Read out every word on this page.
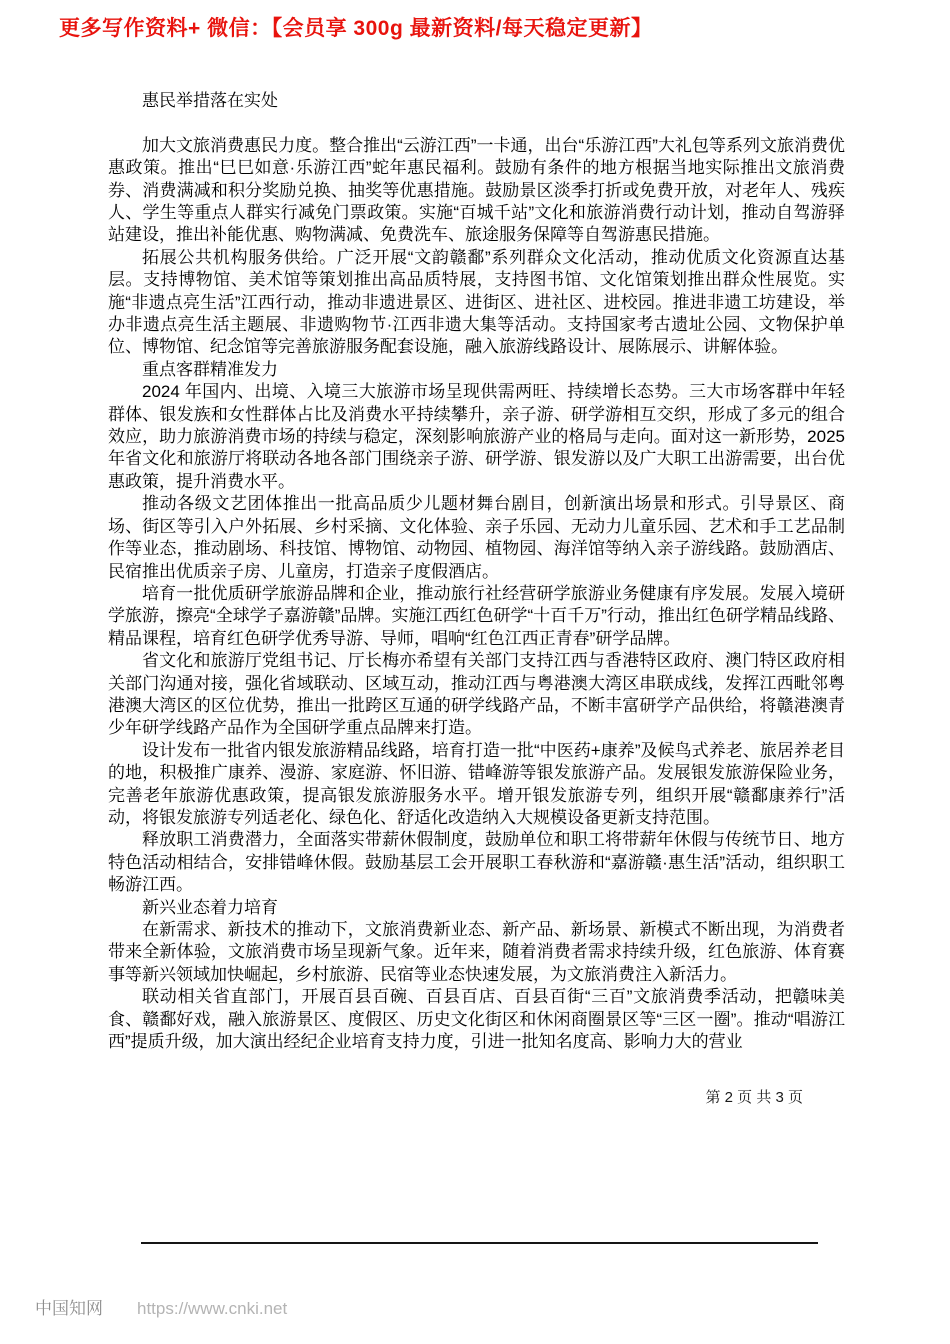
更多写作资料+ 微信：【会员享 300g 最新资料/每天稳定更新】

惠民举措落在实处

加大文旅消费惠民力度。整合推出“云游江西”一卡通，出台“乐游江西”大礼包等系列文旅消费优惠政策。推出“巳巳如意·乐游江西”蛇年惠民福利。鼓励有条件的地方根据当地实际推出文旅消费券、消费满减和积分奖励兑换、抽奖等优惠措施。鼓励景区淡季打折或免费开放，对老年人、残疾人、学生等重点人群实行减免门票政策。实施“百城千站”文化和旅游消费行动计划，推动自驾游驿站建设，推出补能优惠、购物满减、免费洗车、旅途服务保障等自驾游惠民措施。

拓展公共机构服务供给。广泛开展“文韵赣鄱”系列群众文化活动，推动优质文化资源直达基层。支持博物馆、美术馆等策划推出高品质特展，支持图书馆、文化馆策划推出群众性展览。实施“非遗点亮生活”江西行动，推动非遗进景区、进街区、进社区、进校园。推进非遗工坊建设，举办非遗点亮生活主题展、非遗购物节·江西非遗大集等活动。支持国家考古遗址公园、文物保护单位、博物馆、纪念馆等完善旅游服务配套设施，融入旅游线路设计、展陈展示、讲解体验。

重点客群精准发力

2024 年国内、出境、入境三大旅游市场呈现供需两旺、持续增长态势。三大市场客群中年轻群体、银发族和女性群体占比及消费水平持续攀升，亲子游、研学游相互交织，形成了多元的组合效应，助力旅游消费市场的持续与稳定，深刻影响旅游产业的格局与走向。面对这一新形势，2025 年省文化和旅游厅将联动各地各部门围绕亲子游、研学游、银发游以及广大职工出游需要，出台优惠政策，提升消费水平。

推动各级文艺团体推出一批高品质少儿题材舞台剧目，创新演出场景和形式。引导景区、商场、街区等引入户外拓展、乡村采摘、文化体验、亲子乐园、无动力儿童乐园、艺术和手工艺品制作等业态，推动剧场、科技馆、博物馆、动物园、植物园、海洋馆等纳入亲子游线路。鼓励酒店、民宿推出优质亲子房、儿童房，打造亲子度假酒店。

培育一批优质研学旅游品牌和企业，推动旅行社经营研学旅游业务健康有序发展。发展入境研学旅游，擦亮“全球学子嘉游赣”品牌。实施江西红色研学“十百千万”行动，推出红色研学精品线路、精品课程，培育红色研学优秀导游、导师，唱响“红色江西正青春”研学品牌。

省文化和旅游厅党组书记、厅长梅亦希望有关部门支持江西与香港特区政府、澳门特区政府相关部门沟通对接，强化省域联动、区域互动，推动江西与粤港澳大湾区串联成线，发挥江西毗邻粤港澳大湾区的区位优势，推出一批跨区互通的研学线路产品，不断丰富研学产品供给，将赣港澳青少年研学线路产品作为全国研学重点品牌来打造。

设计发布一批省内银发旅游精品线路，培育打造一批“中医药+康养”及候鸟式养老、旅居养老目的地，积极推广康养、漫游、家庭游、怀旧游、错峰游等银发旅游产品。发展银发旅游保险业务，完善老年旅游优惠政策，提高银发旅游服务水平。增开银发旅游专列，组织开展“赣鄱康养行”活动，将银发旅游专列适老化、绿色化、舒适化改造纳入大规模设备更新支持范围。

释放职工消费潜力，全面落实带薪休假制度，鼓励单位和职工将带薪年休假与传统节日、地方特色活动相结合，安排错峰休假。鼓励基层工会开展职工春秋游和“嘉游赣·惠生活”活动，组织职工畅游江西。

新兴业态着力培育

在新需求、新技术的推动下，文旅消费新业态、新产品、新场景、新模式不断出现，为消费者带来全新体验，文旅消费市场呈现新气象。近年来，随着消费者需求持续升级，红色旅游、体育赛事等新兴领域加快崛起，乡村旅游、民宿等业态快速发展，为文旅消费注入新活力。

联动相关省直部门，开展百县百碗、百县百店、百县百街“三百”文旅消费季活动，把赣味美食、赣鄱好戏，融入旅游景区、度假区、历史文化街区和休闲商圈景区等“三区一圈”。推动“唱游江西”提质升级，加大演出经纪企业培育支持力度，引进一批知名度高、影响力大的营业

第 2 页 共 3 页
中国知网 https://www.cnki.net
